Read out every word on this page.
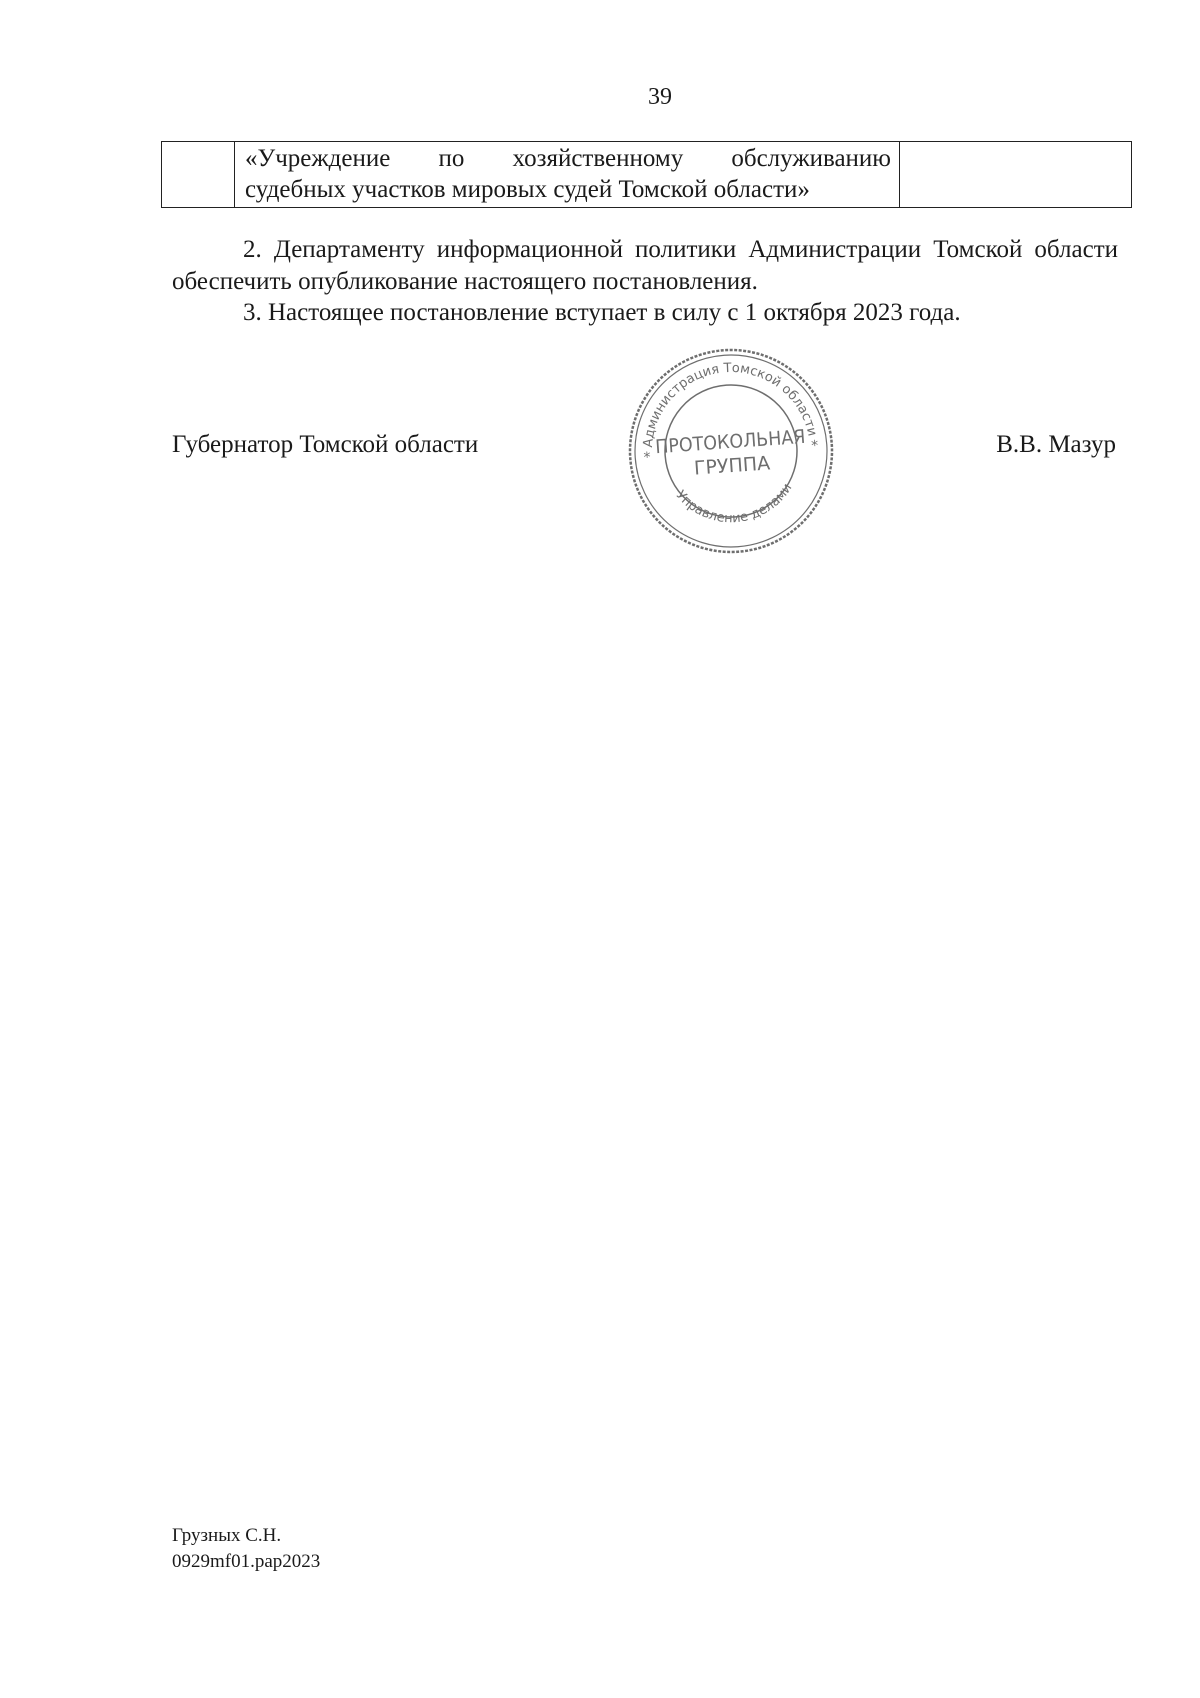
39

«Учреждение по хозяйственному обслуживанию
судебных участков мировых судей Томской области»

2. Департаменту информационной политики Администрации Томской области обеспечить опубликование настоящего постановления.

3. Настоящее постановление вступает в силу с 1 октября 2023 года.

Губернатор Томской области	В.В. Мазур
Администрация Томской области
Управление делами
ПРОТОКОЛЬНАЯ
ГРУППА
*
*
Грузных С.Н.
0929mf01.pap2023
